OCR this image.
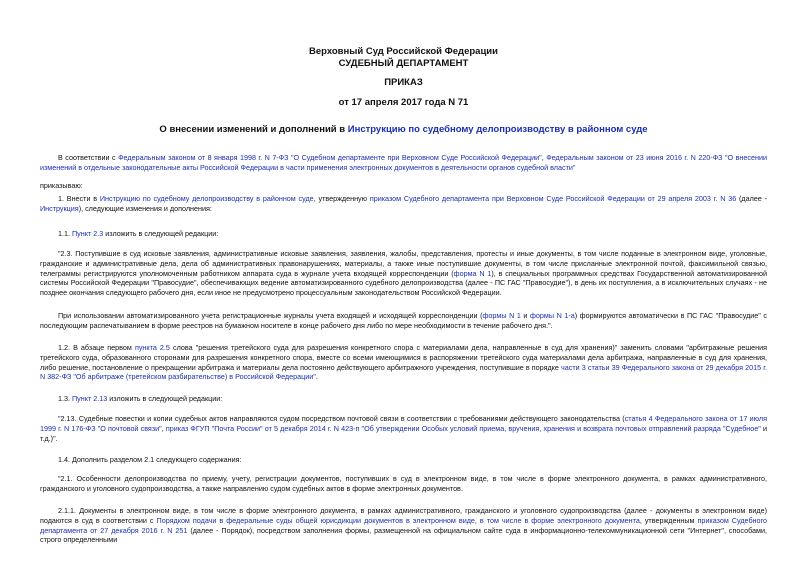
Верховный Суд Российской Федерации
СУДЕБНЫЙ ДЕПАРТАМЕНТ
ПРИКАЗ
от 17 апреля 2017 года N 71
О внесении изменений и дополнений в Инструкцию по судебному делопроизводству в районном суде
В соответствии с Федеральным законом от 8 января 1998 г. N 7-ФЗ "О Судебном департаменте при Верховном Суде Российской Федерации", Федеральным законом от 23 июня 2016 г. N 220-ФЗ "О внесении изменений в отдельные законодательные акты Российской Федерации в части применения электронных документов в деятельности органов судебной власти"
приказываю:
1. Внести в Инструкцию по судебному делопроизводству в районном суде, утвержденную приказом Судебного департамента при Верховном Суде Российской Федерации от 29 апреля 2003 г. N 36 (далее - Инструкция), следующие изменения и дополнения:
1.1. Пункт 2.3 изложить в следующей редакции:
"2.3. Поступившие в суд исковые заявления, административные исковые заявления, заявления, жалобы, представления, протесты и иные документы, в том числе поданные в электронном виде, уголовные, гражданские и административные дела, дела об административных правонарушениях, материалы, а также иные поступившие документы, в том числе присланные электронной почтой, факсимильной связью, телеграммы регистрируются уполномоченным работником аппарата суда в журнале учета входящей корреспонденции (форма N 1), в специальных программных средствах Государственной автоматизированной системы Российской Федерации "Правосудие", обеспечивающих ведение автоматизированного судебного делопроизводства (далее - ПС ГАС "Правосудие"), в день их поступления, а в исключительных случаях - не позднее окончания следующего рабочего дня, если иное не предусмотрено процессуальным законодательством Российской Федерации.
При использовании автоматизированного учета регистрационные журналы учета входящей и исходящей корреспонденции (формы N 1 и формы N 1-а) формируются автоматически в ПС ГАС "Правосудие" с последующим распечатыванием в форме реестров на бумажном носителе в конце рабочего дня либо по мере необходимости в течение рабочего дня.".
1.2. В абзаце первом пункта 2.5 слова "решения третейского суда для разрешения конкретного спора с материалами дела, направленные в суд для хранения)" заменить словами "арбитражные решения третейского суда, образованного сторонами для разрешения конкретного спора, вместе со всеми имеющимися в распоряжении третейского суда материалами дела арбитража, направленные в суд для хранения, либо решение, постановление о прекращении арбитража и материалы дела постоянно действующего арбитражного учреждения, поступившие в порядке части 3 статьи 39 Федерального закона от 29 декабря 2015 г. N 382-ФЗ "Об арбитраже (третейском разбирательстве) в Российской Федерации".
1.3. Пункт 2.13 изложить в следующей редакции:
"2.13. Судебные повестки и копии судебных актов направляются судом посредством почтовой связи в соответствии с требованиями действующего законодательства (статья 4 Федерального закона от 17 июля 1999 г. N 176-ФЗ "О почтовой связи", приказ ФГУП "Почта России" от 5 декабря 2014 г. N 423-п "Об утверждении Особых условий приема, вручения, хранения и возврата почтовых отправлений разряда "Судебное" и т.д.)".
1.4. Дополнить разделом 2.1 следующего содержания:
"2.1. Особенности делопроизводства по приему, учету, регистрации документов, поступивших в суд в электронном виде, в том числе в форме электронного документа, в рамках административного, гражданского и уголовного судопроизводства, а также направлению судом судебных актов в форме электронных документов.
2.1.1. Документы в электронном виде, в том числе в форме электронного документа, в рамках административного, гражданского и уголовного судопроизводства (далее - документы в электронном виде) подаются в суд в соответствии с Порядком подачи в федеральные суды общей юрисдикции документов в электронном виде, в том числе в форме электронного документа, утвержденным приказом Судебного департамента от 27 декабря 2016 г. N 251 (далее - Порядок), посредством заполнения формы, размещенной на официальном сайте суда в информационно-телекоммуникационной сети "Интернет", способами, строго определенными
